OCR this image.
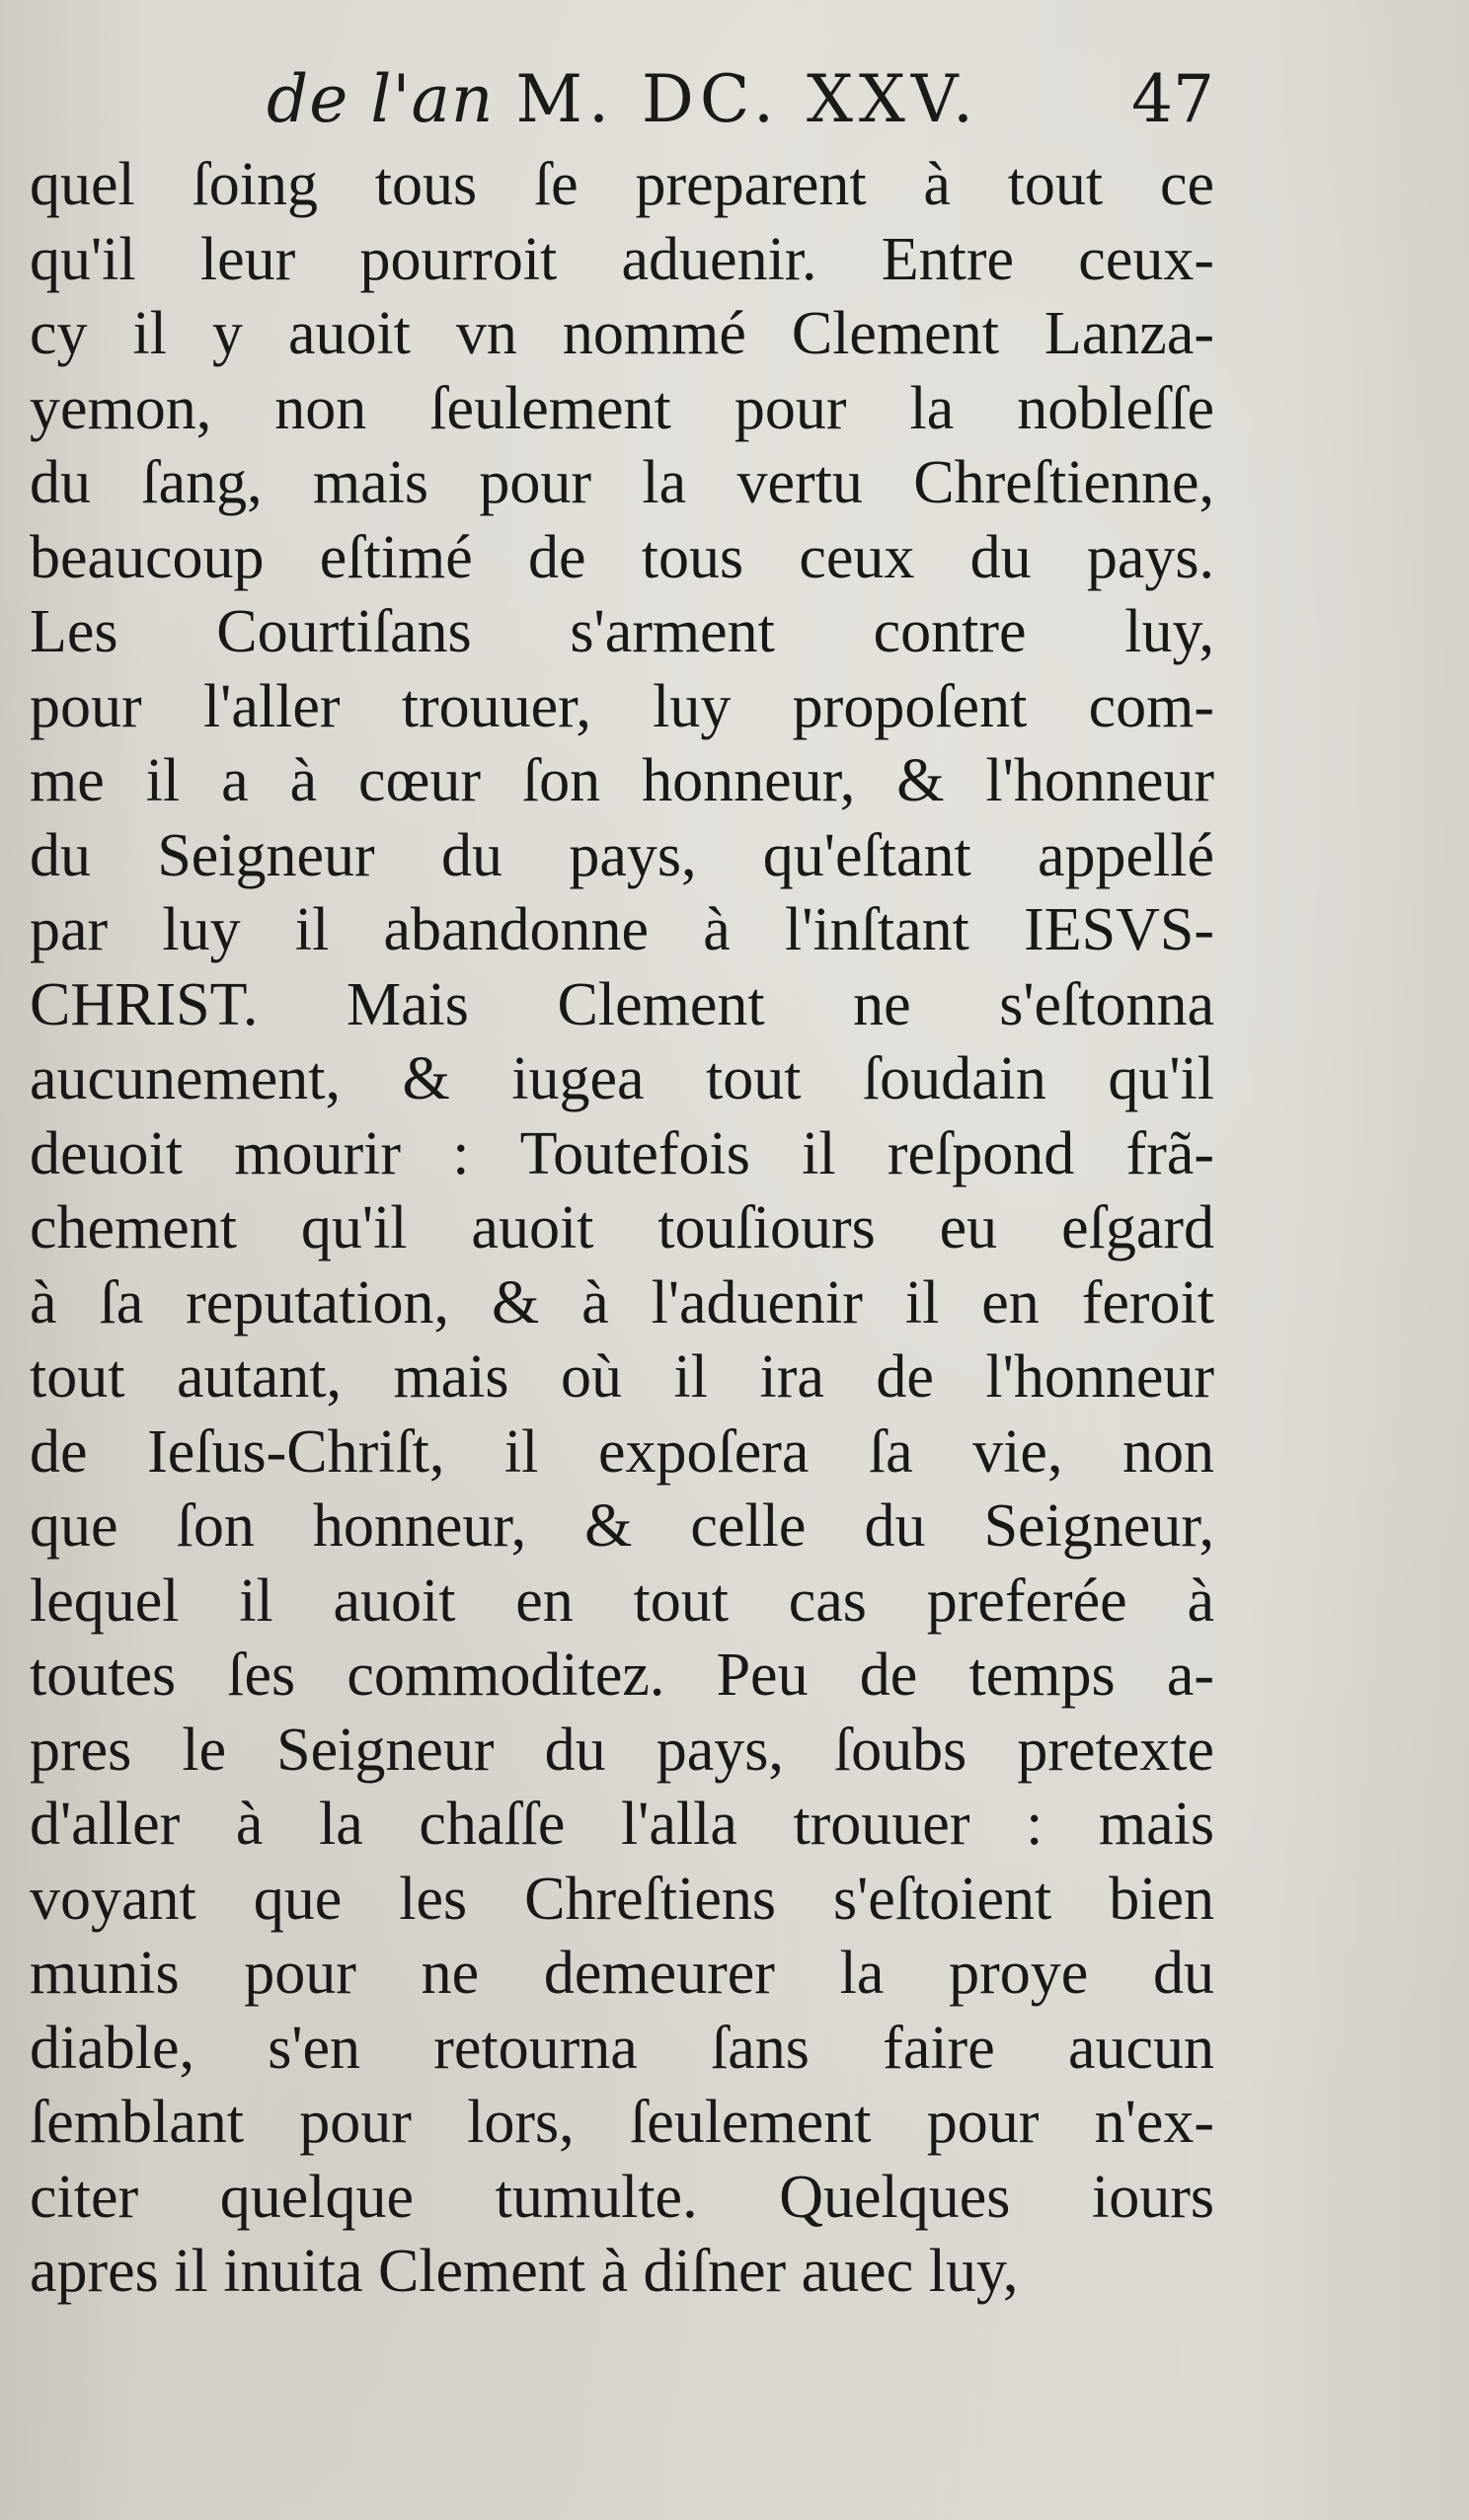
de l'an M. DC. XXV. 47
quel ſoing tous ſe preparent à tout ce
qu'il leur pourroit aduenir. Entre ceux-
cy il y auoit vn nommé Clement Lanza-
yemon, non ſeulement pour la nobleſſe
du ſang, mais pour la vertu Chreſtienne,
beaucoup eſtimé de tous ceux du pays.
Les Courtiſans s'arment contre luy,
pour l'aller trouuer, luy propoſent com-
me il a à cœur ſon honneur, & l'honneur
du Seigneur du pays, qu'eſtant appellé
par luy il abandonne à l'inſtant IESVS-
CHRIST. Mais Clement ne s'eſtonna
aucunement, & iugea tout ſoudain qu'il
deuoit mourir : Toutefois il reſpond frã-
chement qu'il auoit touſiours eu eſgard
à ſa reputation, & à l'aduenir il en feroit
tout autant, mais où il ira de l'honneur
de Ieſus-Chriſt, il expoſera ſa vie, non
que ſon honneur, & celle du Seigneur,
lequel il auoit en tout cas preferée à
toutes ſes commoditez. Peu de temps a-
pres le Seigneur du pays, ſoubs pretexte
d'aller à la chaſſe l'alla trouuer : mais
voyant que les Chreſtiens s'eſtoient bien
munis pour ne demeurer la proye du
diable, s'en retourna ſans faire aucun
ſemblant pour lors, ſeulement pour n'ex-
citer quelque tumulte. Quelques iours
apres il inuita Clement à diſner auec luy,
